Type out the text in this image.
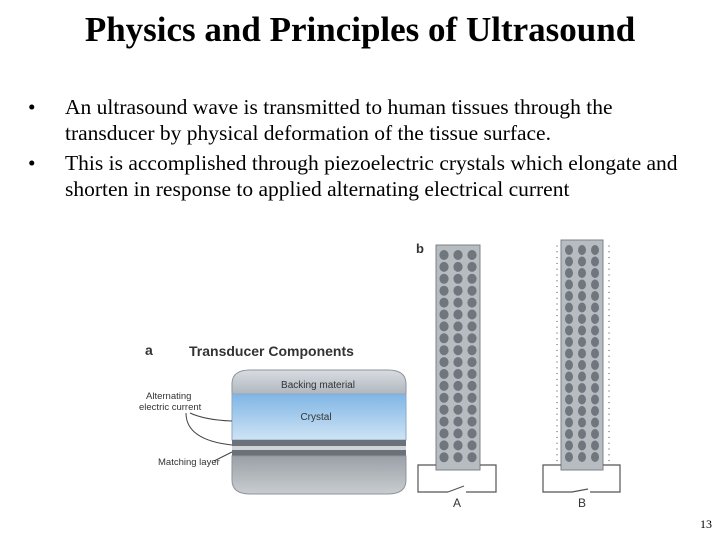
Physics and Principles of Ultrasound
• An ultrasound wave is transmitted to human tissues through the transducer by physical deformation of the tissue surface.
• This is accomplished through piezoelectric crystals which elongate and shorten in response to applied alternating electrical current
a	Transducer Components
Backing material
Crystal
Alternating
electric current
Matching layer
b
A	B
13
